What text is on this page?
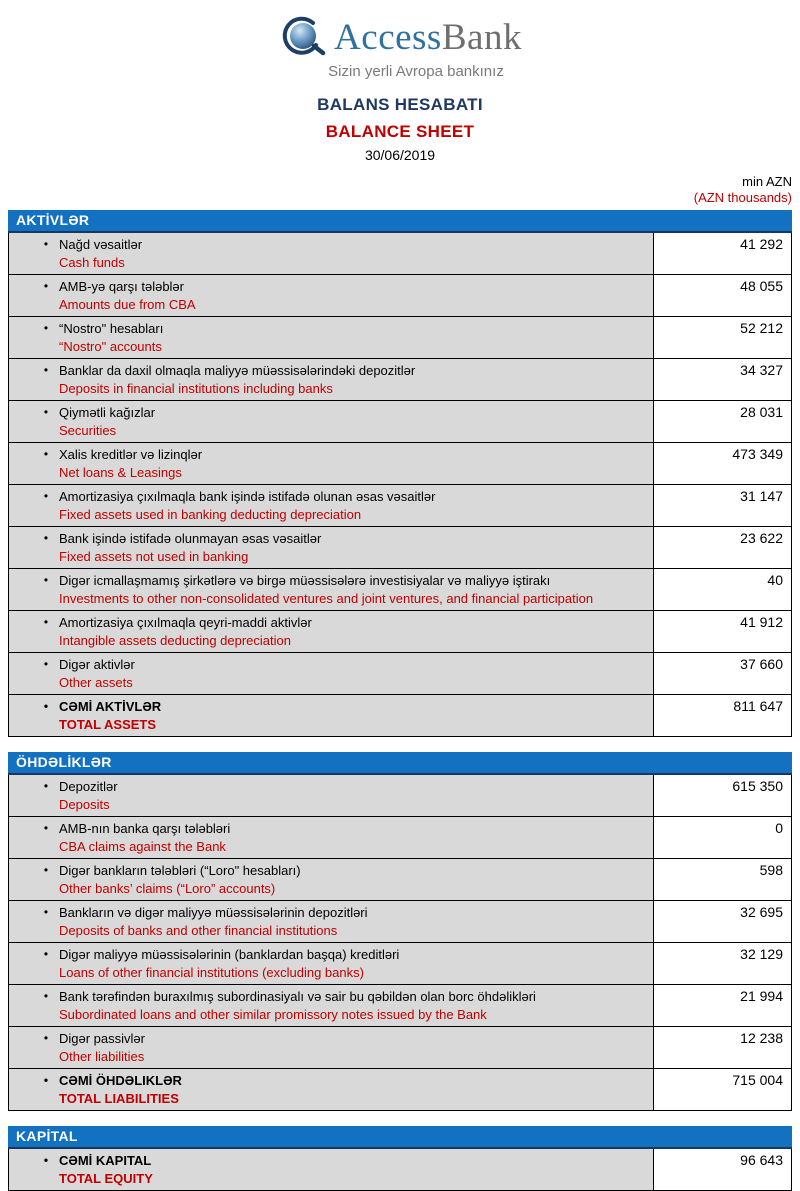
AccessBank
Sizin yerli Avropa bankınız
BALANS HESABATI
BALANCE SHEET
30/06/2019
min AZN
(AZN thousands)
AKTİVLƏR
• Nağd vəsaitlər
Cash funds
41 292
• AMB-yə qarşı tələblər
Amounts due from CBA
48 055
• “Nostro" hesabları
“Nostro" accounts
52 212
• Banklar da daxil olmaqla maliyyə müəssisələrindəki depozitlər
Deposits in financial institutions including banks
34 327
• Qiymətli kağızlar
Securities
28 031
• Xalis kreditlər və lizinqlər
Net loans & Leasings
473 349
• Amortizasiya çıxılmaqla bank işində istifadə olunan əsas vəsaitlər
Fixed assets used in banking deducting depreciation
31 147
• Bank işində istifadə olunmayan əsas vəsaitlər
Fixed assets not used in banking
23 622
• Digər icmallaşmamış şirkətlərə və birgə müəssisələrə investisiyalar və maliyyə iştirakı
Investments to other non-consolidated ventures and joint ventures, and financial participation
40
• Amortizasiya çıxılmaqla qeyri-maddi aktivlər
Intangible assets deducting depreciation
41 912
• Digər aktivlər
Other assets
37 660
• CƏMİ AKTİVLƏR
TOTAL ASSETS
811 647
ÖHDƏLİKLƏR
• Depozitlər
Deposits
615 350
• AMB-nın banka qarşı tələbləri
CBA claims against the Bank
0
• Digər bankların tələbləri (“Loro" hesabları)
Other banks’ claims (“Loro” accounts)
598
• Bankların və digər maliyyə müəssisələrinin depozitləri
Deposits of banks and other financial institutions
32 695
• Digər maliyyə müəssisələrinin (banklardan başqa) kreditləri
Loans of other financial institutions (excluding banks)
32 129
• Bank tərəfindən buraxılmış subordinasiyalı və sair bu qəbildən olan borc öhdəlikləri
Subordinated loans and other similar promissory notes issued by the Bank
21 994
• Digər passivlər
Other liabilities
12 238
• CƏMİ ÖHDƏLIKLƏR
TOTAL LIABILITIES
715 004
KAPİTAL
• CƏMİ KAPITAL
TOTAL EQUITY
96 643
